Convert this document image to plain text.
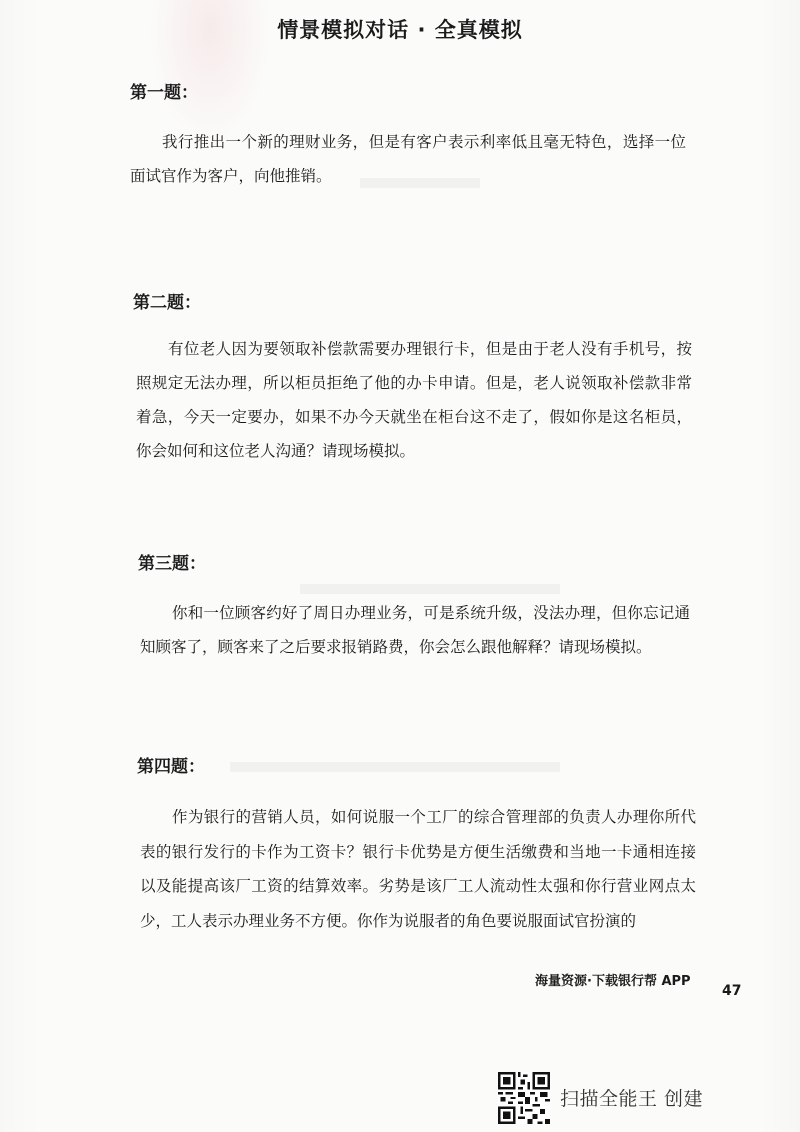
情景模拟对话 · 全真模拟
第一题：
我行推出一个新的理财业务，但是有客户表示利率低且毫无特色，选择一位面试官作为客户，向他推销。
第二题：
有位老人因为要领取补偿款需要办理银行卡，但是由于老人没有手机号，按照规定无法办理，所以柜员拒绝了他的办卡申请。但是，老人说领取补偿款非常着急，今天一定要办，如果不办今天就坐在柜台这不走了，假如你是这名柜员，你会如何和这位老人沟通？请现场模拟。
第三题：
你和一位顾客约好了周日办理业务，可是系统升级，没法办理，但你忘记通知顾客了，顾客来了之后要求报销路费，你会怎么跟他解释？请现场模拟。
第四题：
作为银行的营销人员，如何说服一个工厂的综合管理部的负责人办理你所代表的银行发行的卡作为工资卡？银行卡优势是方便生活缴费和当地一卡通相连接以及能提高该厂工资的结算效率。劣势是该厂工人流动性太强和你行营业网点太少，工人表示办理业务不方便。你作为说服者的角色要说服面试官扮演的
海量资源·下载银行帮 APP
47
扫描全能王 创建
